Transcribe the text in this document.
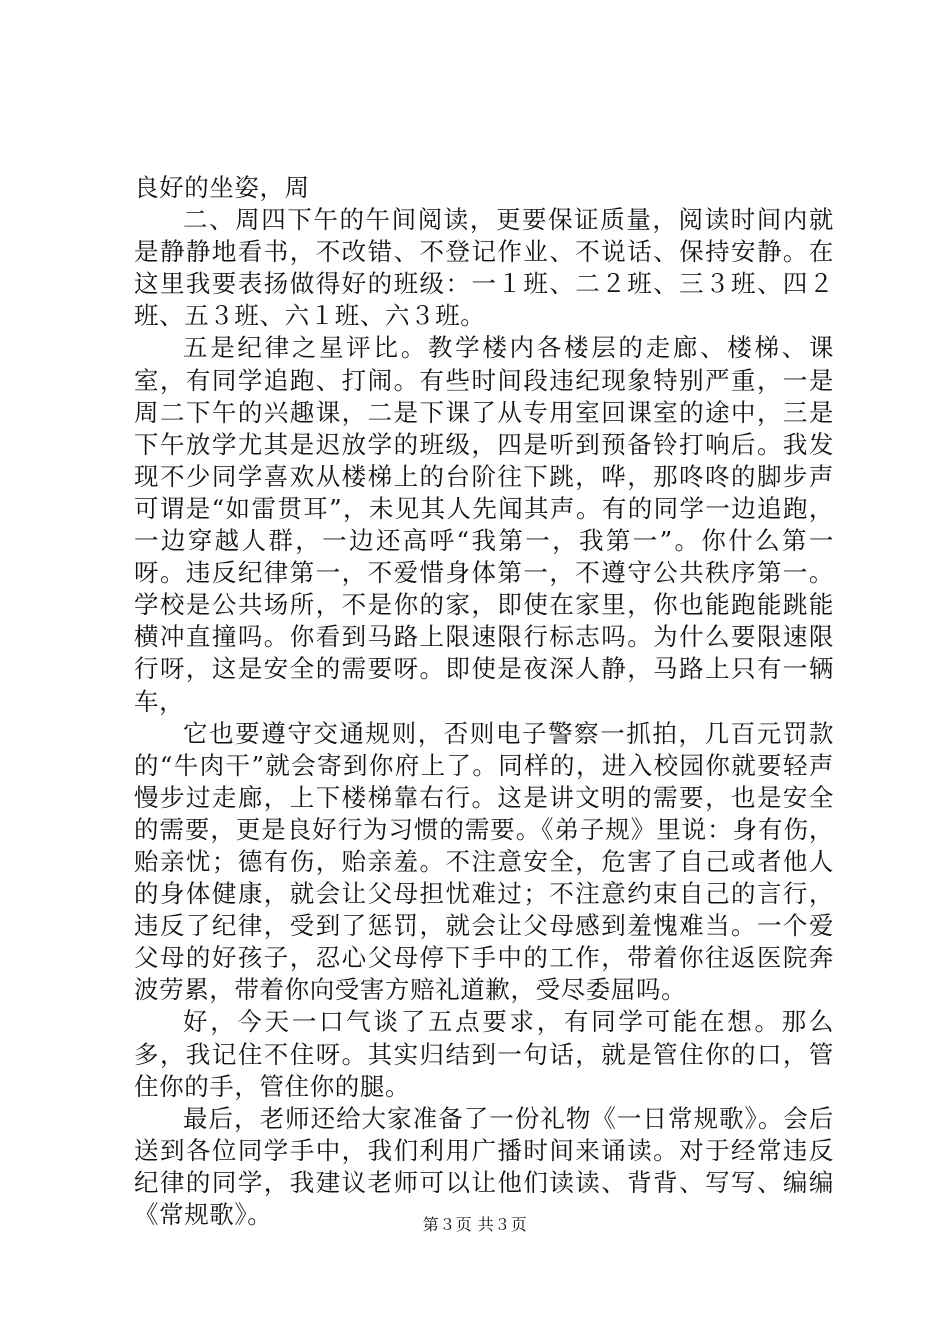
良好的坐姿，周

二、周四下午的午间阅读，更要保证质量，阅读时间内就是静静地看书，不改错、不登记作业、不说话、保持安静。在这里我要表扬做得好的班级：一１班、二２班、三３班、四２班、五３班、六１班、六３班。

五是纪律之星评比。教学楼内各楼层的走廊、楼梯、课室，有同学追跑、打闹。有些时间段违纪现象特别严重，一是周二下午的兴趣课，二是下课了从专用室回课室的途中，三是下午放学尤其是迟放学的班级，四是听到预备铃打响后。我发现不少同学喜欢从楼梯上的台阶往下跳，哗，那咚咚的脚步声可谓是“如雷贯耳”，未见其人先闻其声。有的同学一边追跑，一边穿越人群，一边还高呼“我第一，我第一”。你什么第一呀。违反纪律第一，不爱惜身体第一，不遵守公共秩序第一。学校是公共场所，不是你的家，即使在家里，你也能跑能跳能横冲直撞吗。你看到马路上限速限行标志吗。为什么要限速限行呀，这是安全的需要呀。即使是夜深人静，马路上只有一辆车，

它也要遵守交通规则，否则电子警察一抓拍，几百元罚款的“牛肉干”就会寄到你府上了。同样的，进入校园你就要轻声慢步过走廊，上下楼梯靠右行。这是讲文明的需要，也是安全的需要，更是良好行为习惯的需要。《弟子规》里说：身有伤，贻亲忧；德有伤，贻亲羞。不注意安全，危害了自己或者他人的身体健康，就会让父母担忧难过；不注意约束自己的言行，违反了纪律，受到了惩罚，就会让父母感到羞愧难当。一个爱父母的好孩子，忍心父母停下手中的工作，带着你往返医院奔波劳累，带着你向受害方赔礼道歉，受尽委屈吗。

好，今天一口气谈了五点要求，有同学可能在想。那么多，我记住不住呀。其实归结到一句话，就是管住你的口，管住你的手，管住你的腿。

最后，老师还给大家准备了一份礼物《一日常规歌》。会后送到各位同学手中，我们利用广播时间来诵读。对于经常违反纪律的同学，我建议老师可以让他们读读、背背、写写、编编《常规歌》。	第３页 共３页
